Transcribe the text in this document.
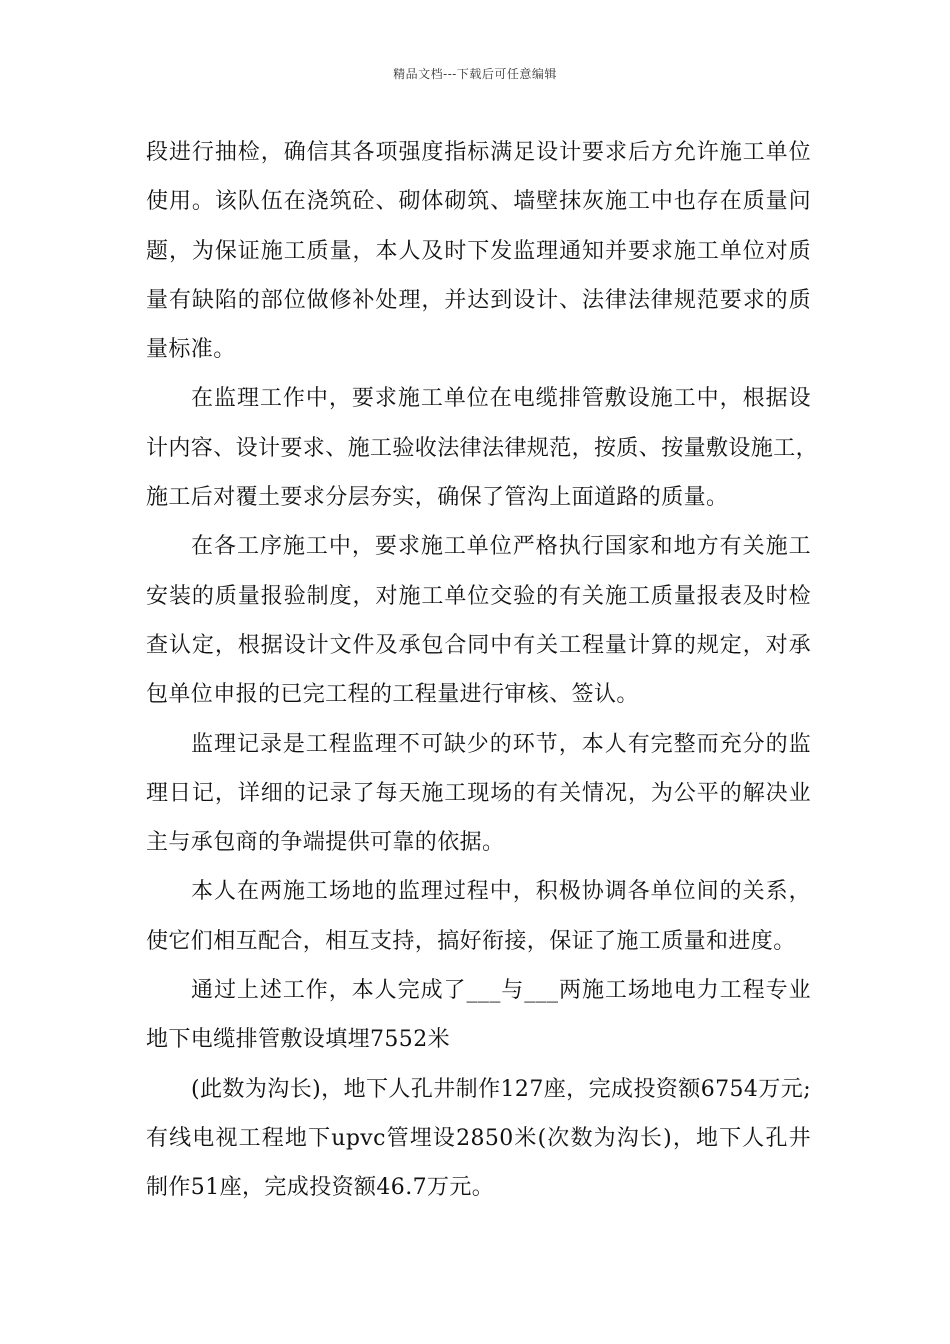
精品文档---下载后可任意编辑
段进行抽检，确信其各项强度指标满足设计要求后方允许施工单位
使用。该队伍在浇筑砼、砌体砌筑、墙壁抹灰施工中也存在质量问
题，为保证施工质量，本人及时下发监理通知并要求施工单位对质
量有缺陷的部位做修补处理，并达到设计、法律法律规范要求的质
量标准。
在监理工作中，要求施工单位在电缆排管敷设施工中，根据设
计内容、设计要求、施工验收法律法律规范，按质、按量敷设施工，
施工后对覆土要求分层夯实，确保了管沟上面道路的质量。
在各工序施工中，要求施工单位严格执行国家和地方有关施工
安装的质量报验制度，对施工单位交验的有关施工质量报表及时检
查认定，根据设计文件及承包合同中有关工程量计算的规定，对承
包单位申报的已完工程的工程量进行审核、签认。
监理记录是工程监理不可缺少的环节，本人有完整而充分的监
理日记，详细的记录了每天施工现场的有关情况，为公平的解决业
主与承包商的争端提供可靠的依据。
本人在两施工场地的监理过程中，积极协调各单位间的关系，
使它们相互配合，相互支持，搞好衔接，保证了施工质量和进度。
通过上述工作，本人完成了___与___两施工场地电力工程专业
地下电缆排管敷设填埋7552米
(此数为沟长)，地下人孔井制作127座，完成投资额6754万元;
有线电视工程地下upvc管埋设2850米(次数为沟长)，地下人孔井
制作51座，完成投资额46.7万元。
